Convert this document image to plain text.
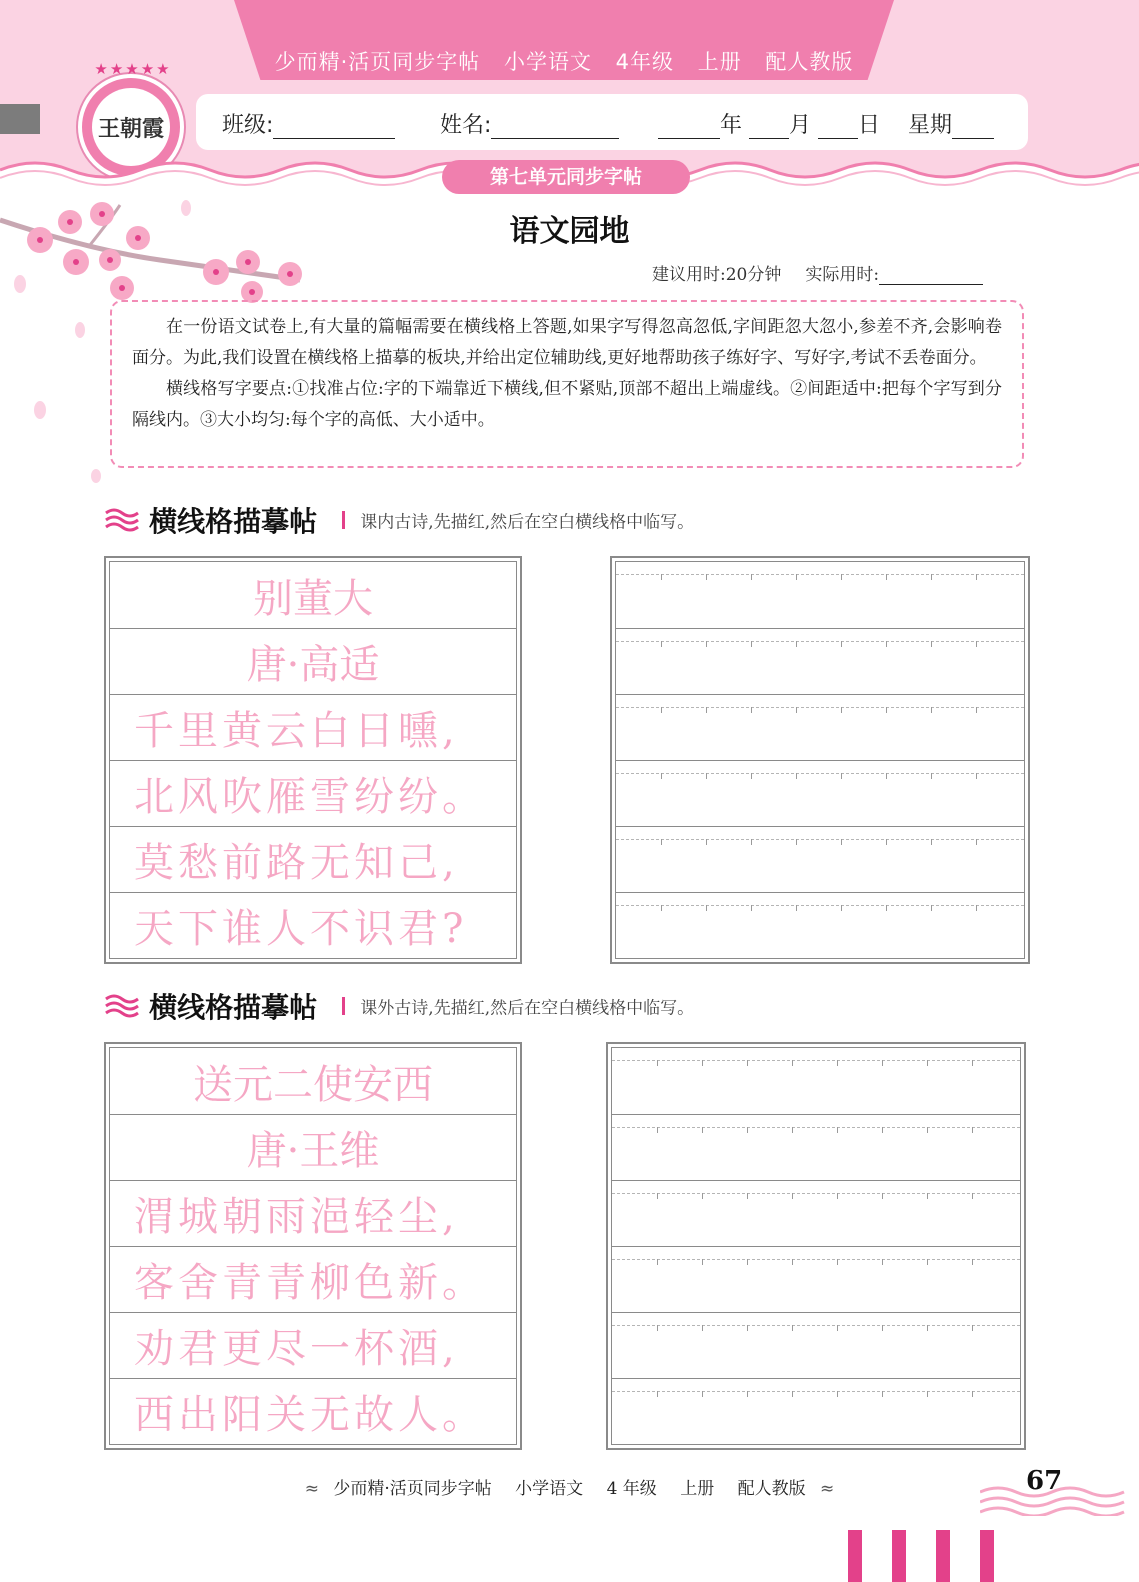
少而精·活页同步字帖 小学语文 4年级 上册 配人教版
★★★★★
王朝霞	班级:	姓名:	年 月 日 星期
第七单元同步字帖
语文园地
建议用时:20分钟 实际用时:

在一份语文试卷上,有大量的篇幅需要在横线格上答题,如果字写得忽高忽低,字间距忽大忽小,参差不齐,会影响卷面分。为此,我们设置在横线格上描摹的板块,并给出定位辅助线,更好地帮助孩子练好字、写好字,考试不丢卷面分。

横线格写字要点:①找准占位:字的下端靠近下横线,但不紧贴,顶部不超出上端虚线。②间距适中:把每个字写到分隔线内。③大小均匀:每个字的高低、大小适中。

横线格描摹帖	课内古诗,先描红,然后在空白横线格中临写。
别董大
唐·高适
千里黄云白日曛,
北风吹雁雪纷纷。
莫愁前路无知己,
天下谁人不识君?
横线格描摹帖	课外古诗,先描红,然后在空白横线格中临写。
送元二使安西
唐·王维
渭城朝雨浥轻尘,
客舍青青柳色新。
劝君更尽一杯酒,
西出阳关无故人。
≈ 少而精·活页同步字帖 小学语文 4 年级 上册 配人教版 ≈	67
